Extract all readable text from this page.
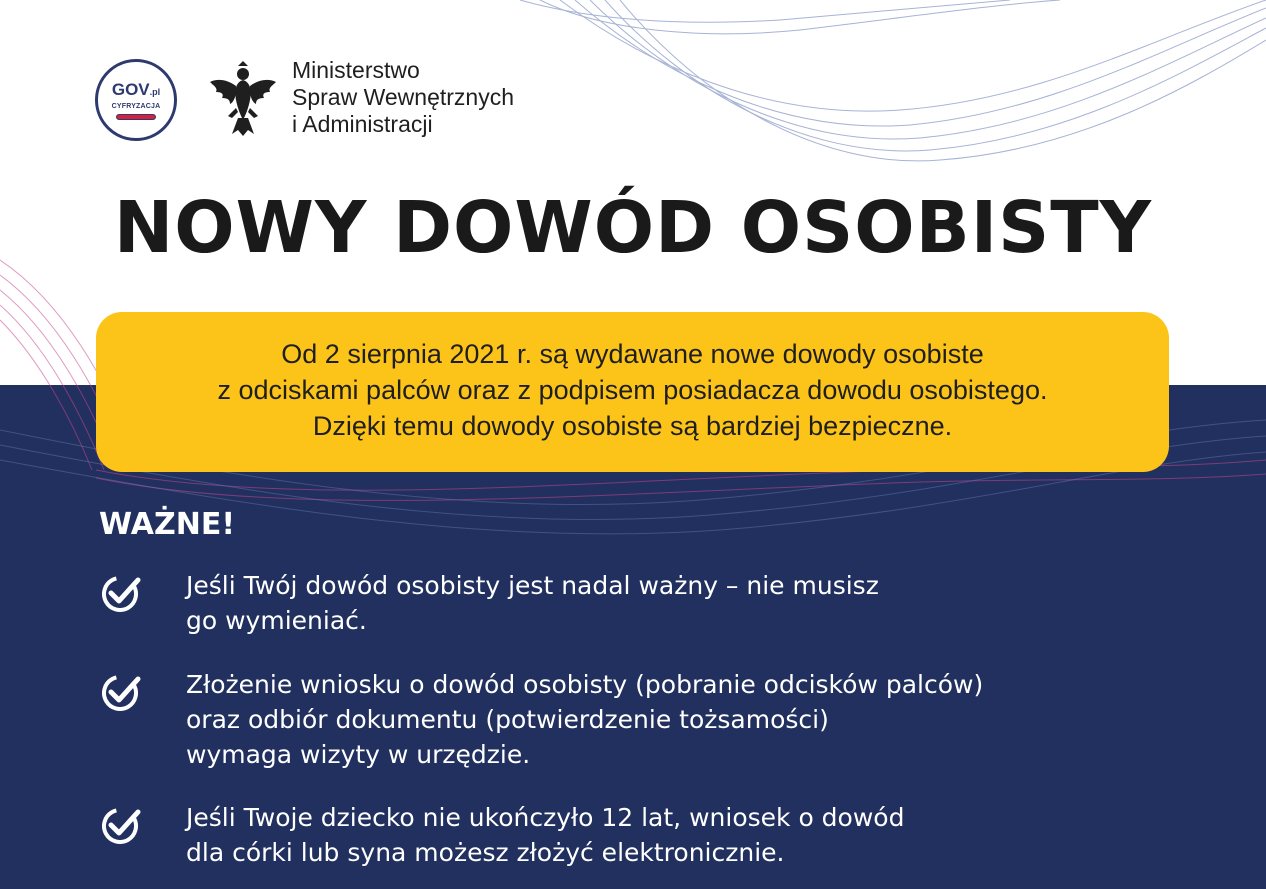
GOV.pl
CYFRYZACJA
Ministerstwo
Spraw Wewnętrznych
i Administracji
NOWY DOWÓD OSOBISTY
Od 2 sierpnia 2021 r. są wydawane nowe dowody osobiste
z odciskami palców oraz z podpisem posiadacza dowodu osobistego.
Dzięki temu dowody osobiste są bardziej bezpieczne.
WAŻNE!
Jeśli Twój dowód osobisty jest nadal ważny – nie musisz
go wymieniać.
Złożenie wniosku o dowód osobisty (pobranie odcisków palców)
oraz odbiór dokumentu (potwierdzenie tożsamości)
wymaga wizyty w urzędzie.
Jeśli Twoje dziecko nie ukończyło 12 lat, wniosek o dowód
dla córki lub syna możesz złożyć elektronicznie.
